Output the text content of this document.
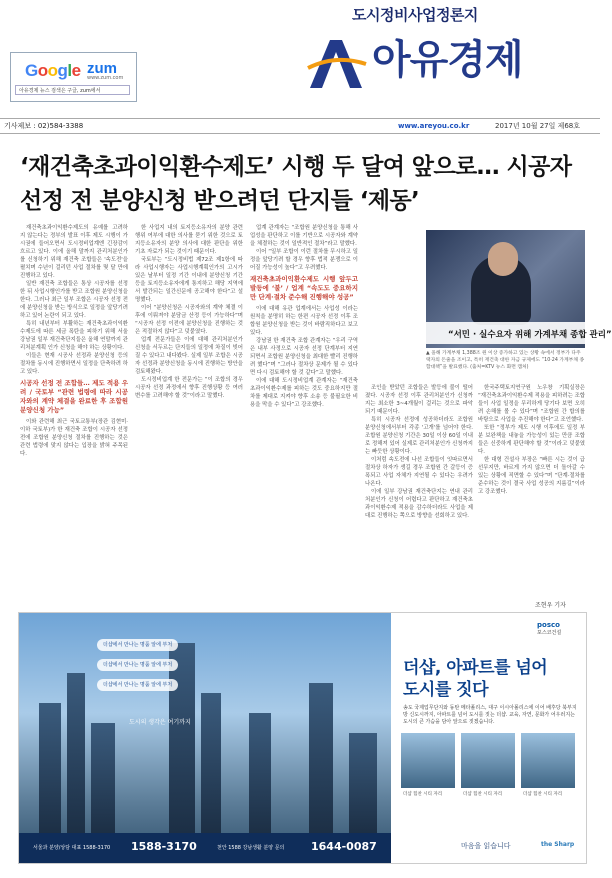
Google zum
www.zum.com
아유경제 뉴스 검색은 구글, zum에서
도시정비사업정론지
아유경제
기사제보 : 02)584-3388	www.areyou.co.kr	2017년 10월 27일 제68호
‘재건축초과이익환수제도’ 시행 두 달여 앞으로… 시공자 선정 전 분양신청 받으려던 단지들 ‘제동’

재건축초과이익환수제도의 유예를 고려하지 않는다는 정부의 발표 이후 제도 시행이 가시권에 들어오면서 도시정비업계엔 긴장감이 흐르고 있다. 이에 올해 말까지 관리처분인가를 신청하기 위해 재건축 조합들은 '속도전'을 펼치며 수년이 걸리던 사업 절차를 몇 달 만에 진행하고 있다.

일반 재건축 조합들은 통상 시공자를 선정한 뒤 사업시행인가를 받고 조합원 분양신청을 한다. 그러나 최근 일부 조합은 시공자 선정 전에 분양신청을 받는 방식으로 일정을 앞당기려 하고 있어 논란이 되고 있다.

특히 내년부터 부활하는 재건축초과이익환수제도에 따른 세금 폭탄을 피하기 위해 서울 강남권 일부 재건축단지들은 올해 연말까지 관리처분계획 인가 신청을 해야 하는 상황이다.

이들은 현재 시공사 선정과 분양신청 등의 절차를 동시에 진행하면서 일정을 단축하려 하고 있다.

시공자 선정 전 조합들… 제도 적용 우려 / 국토부 “관련 법령에 따라 시공자와의 계약 체결을 완료한 후 조합원 분양신청 가능”

이와 관련해 최근 국토교통부(장관 김현미·이하 국토부)가 한 재건축 조합이 시공자 선정 전에 조합원 분양신청 절차를 진행하는 것은 관련 법령에 맞지 않다는 입장을 밝혀 주목된다.

한 사업지 내의 토지등소유자의 분양 관련 행위 여부에 대한 의사를 묻기 위한 것으로 토지등소유자의 분양 의사에 대한 판단을 위한 기초 자료가 되는 것이기 때문이다.

국토부는 “도시정비법 제72조 제1항에 따라 사업시행자는 사업시행계획인가의 고시가 있은 날부터 일정 기간 이내에 분양신청 기간 등을 토지등소유자에게 통지하고 해당 지역에서 발간되는 일간신문에 공고해야 한다”고 설명했다.

이어 “분양신청은 시공자와의 계약 체결 이후에 이뤄져야 분담금 산정 등이 가능하다”며 “시공자 선정 이전에 분양신청을 진행하는 것은 적절하지 않다”고 덧붙였다.

업계 전문가들은 이에 대해 관리처분인가 신청을 서두르는 단지들의 일정에 차질이 빚어질 수 있다고 내다봤다. 실제 일부 조합은 시공자 선정과 분양신청을 동시에 진행하는 방안을 검토해왔다.

도시정비업계 한 전문가는 “이 조합의 경우 시공자 선정 과정에서 향후 진행상황 등 여러 변수를 고려해야 할 것”이라고 말했다.

업계 관계자는 “조합원 분양신청을 통해 사업성을 판단하고 이를 기반으로 시공자와 계약을 체결하는 것이 일반적인 절차”라고 말했다.

이어 “일부 조합이 이런 절차를 무시하고 일정을 앞당기려 할 경우 향후 법적 분쟁으로 이어질 가능성이 높다”고 우려했다.

재건축초과이익환수제도 시행 앞두고 발등에 ‘불’ / 업계 “속도도 중요하지만 단계·절차 준수해 진행해야 성공”

이에 대해 유관 업계에서는 사업성 이라는 원칙을 분명히 하는 한편 시공자 선정 이후 조합원 분양신청을 받는 것이 바람직하다고 보고 있다.

강남권 한 재건축 조합 관계자는 “우리 구역은 내부 사정으로 시공자 선정 단계부터 지연되면서 조합원 분양신청을 최대한 빨리 진행하려 했다”며 “그러나 절차상 문제가 될 수 있다면 다시 검토해야 할 것 같다”고 말했다.

이에 대해 도시정비업계 관계자는 “재건축초과이익환수제를 피하는 것도 중요하지만 절차를 제대로 지켜야 향후 소송 등 불필요한 비용을 막을 수 있다”고 강조했다.

“서민 · 실수요자 위해 가계부채 종합 관리”
▲ 올해 가계부채 1,388조 원 이상 증가하고 있는 상황 속에서 정부가 다주택자의 돈줄을 조이고, 특히 재건축 대한 자금 규제에도 “10·24 가계부채 종합대책”을 발표했다. (출처=KTV 뉴스 화면 캡처)

조인을 받았던 조합들은 발등에 불이 떨어졌다. 시공자 선정 이후 관리처분인가 신청까지는 최소한 3~4개월이 걸리는 것으로 파악되기 때문이다.

특히 시공자 선정에 성공하더라도 조합원 분양신청에서부터 각종 '고개'를 넘어야 한다. 조합원 분양신청 기간은 30일 이상 60일 이내로 정해져 있어 실제로 관리처분인가 신청까지는 빠듯한 상황이다.

이처럼 속도전에 나선 조합들이 잇따르면서 절차상 하자가 생길 경우 조합원 간 갈등이 증폭되고 사업 자체가 지연될 수 있다는 우려가 나온다.

이에 일부 강남권 재건축단지는 연내 관리처분인가 신청이 어렵다고 판단하고 재건축초과이익환수제 적용을 감수하더라도 사업을 제대로 진행하는 쪽으로 방향을 선회하고 있다.

한국주택토지연구원 노우창 기획실장은 “재건축초과이익환수제 적용을 피하려는 조합들이 사업 일정을 무리하게 당기다 보면 오히려 손해를 볼 수 있다”며 “조합원 간 합의를 바탕으로 사업을 추진해야 한다”고 조언했다.

또한 “정부가 제도 시행 이후에도 일정 부분 보완책을 내놓을 가능성이 있는 만큼 조합들은 신중하게 판단해야 할 것”이라고 덧붙였다.

한 대형 건설사 부장은 “빠른 시는 것이 급선무지만, 바르게 가지 않으면 더 돌아갈 수 있는 상황에 직면할 수 있다”며 “단계·절차를 준수하는 것이 결국 사업 성공의 지름길”이라고 강조했다.

조현우 기자
더샵에서 만나는 명품 알에 부처
더샵에서 만나는 명품 알에 부처
더샵에서 만나는 명품 알에 부처
도시의 생각은 여기까지
서울과 분양/상담 대표 1588-3170 1588-3170	천안 1588 강남생활 분양 문의 1644-0087
posco
포스코건설
더샵, 아파트를 넘어
도시를 짓다
송도 국제업무단지와 동탄 메타폴리스, 대구 이시아폴리스에 이어 배후당 북부지방 신도시까지, 아파트를 넘어 도시를 짓는 더샵. 교육, 자연, 문화가 어우러지는 도시의 큰 가슴을 담아 앞으로 짓겠습니다.
더샵 힘찬 시티 자리	더샵 힘찬 시티 자리	더샵 힘찬 시티 자리
마음을 읽습니다	the Sharp
